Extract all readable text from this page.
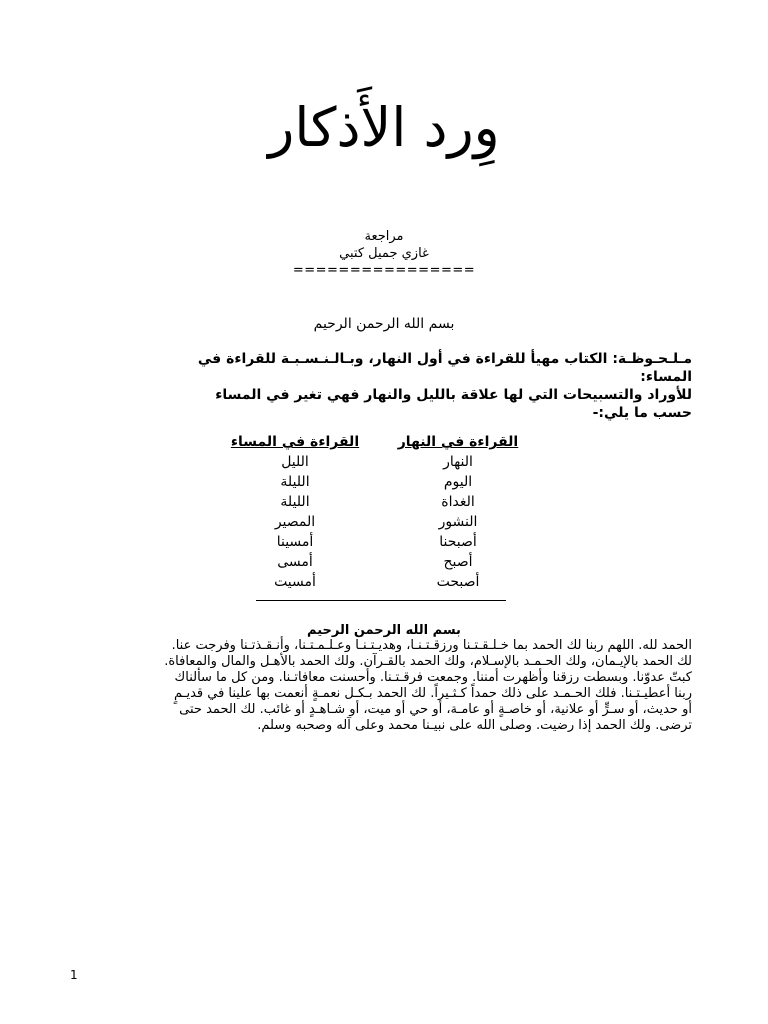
وِرد الأَذكار
مراجعة
غازي جميل كتبي
================
بسم الله الرحمن الرحيم
مـلـحـوظـة: الكتاب مهيأ للقراءة في أول النهار، وبـالـنـسـبـة للقراءة في
المساء:
للأوراد والتسبيحات التي لها علاقة بالليل والنهار فهي تغير في المساء
حسب ما يلي:-
القراءة في النهار
النهار
اليوم
الغداة
النشور
أصبحنا
أصبح
أصبحت
القراءة في المساء
الليل
الليلة
الليلة
المصير
أمسينا
أمسى
أمسيت
بسم الله الرحمن الرحيم
الحمد لله. اللهم ربنا لك الحمد بما خـلـقـتـنا ورزقـتـنـا، وهديـتـنـا وعـلـمـتـنا، وأنـقـذتـنا وفرجت عنا.
لك الحمد بالإيـمان، ولك الحـمـد بالإسـلام، ولك الحمد بالقـرآن. ولك الحمد بالأهـل والمال والمعافاة.
كبتّ عدوّنا. وبسطت رزقنا وأظهرت أمننا. وجمعت فرقـتـنا. وأحسنت معافاتـنا. ومن كل ما سألناك
ربنا أعطيـتـنا. فلك الحـمـد على ذلك حمداً كـثـيراً. لك الحمد بـكـل نعمـةٍ أنعمت بها علينا في قديـمٍ
أو حديث، أو سـرٍّ أو علانية، أو خاصـةٍ أو عامـة، أو حي أو ميت، أو شـاهـدٍ أو غائب. لك الحمد حتى
ترضى. ولك الحمد إذا رضيت. وصلى الله على نبيـنا محمد وعلى آله وصحبه وسلم.
1
